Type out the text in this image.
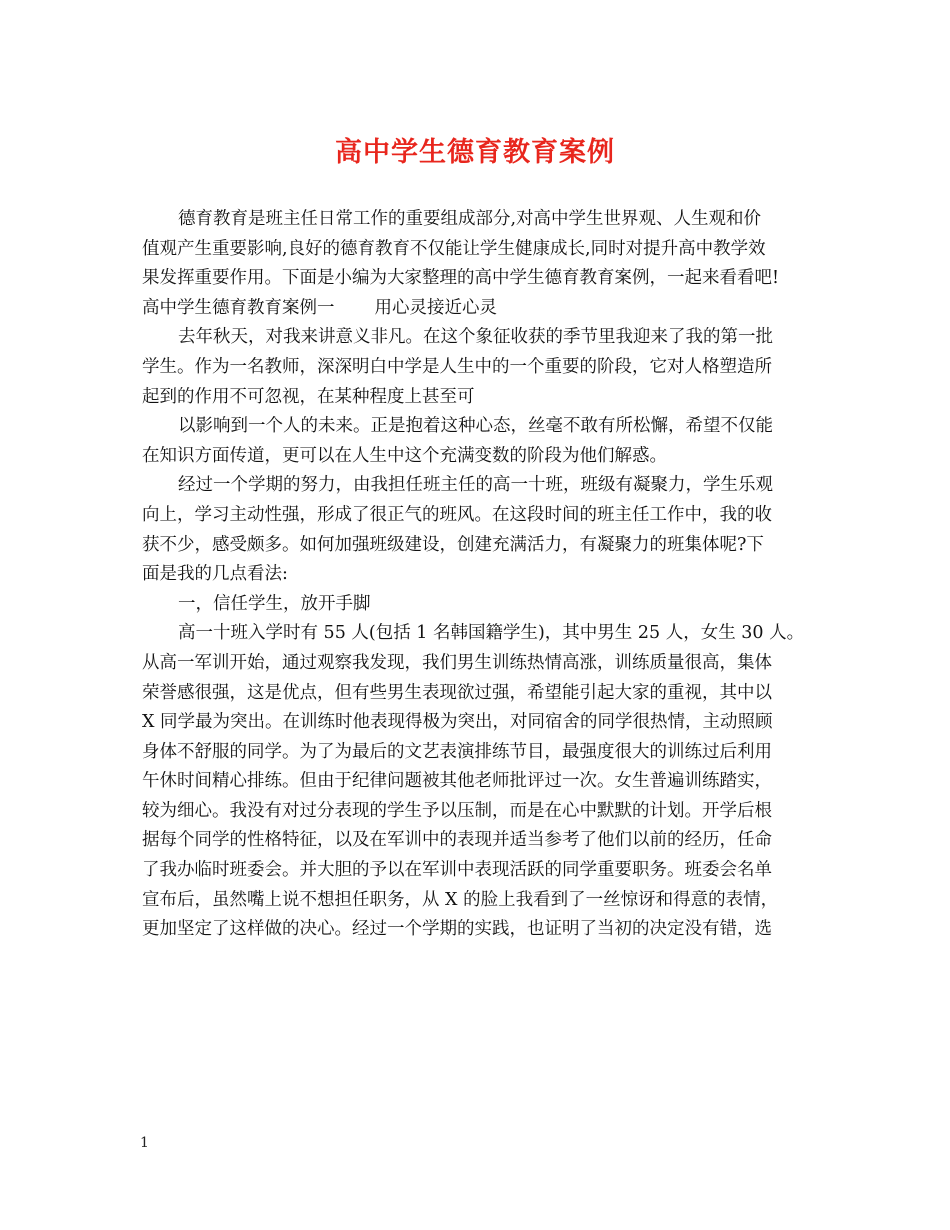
高中学生德育教育案例

德育教育是班主任日常工作的重要组成部分,对高中学生世界观、人生观和价

值观产生重要影响,良好的德育教育不仅能让学生健康成长,同时对提升高中教学效

果发挥重要作用。下面是小编为大家整理的高中学生德育教育案例，一起来看看吧!

高中学生德育教育案例一 用心灵接近心灵

去年秋天，对我来讲意义非凡。在这个象征收获的季节里我迎来了我的第一批

学生。作为一名教师，深深明白中学是人生中的一个重要的阶段，它对人格塑造所

起到的作用不可忽视，在某种程度上甚至可

以影响到一个人的未来。正是抱着这种心态，丝毫不敢有所松懈，希望不仅能

在知识方面传道，更可以在人生中这个充满变数的阶段为他们解惑。

经过一个学期的努力，由我担任班主任的高一十班，班级有凝聚力，学生乐观

向上，学习主动性强，形成了很正气的班风。在这段时间的班主任工作中，我的收

获不少，感受颇多。如何加强班级建设，创建充满活力，有凝聚力的班集体呢?下

面是我的几点看法:

一，信任学生，放开手脚

高一十班入学时有 55 人(包括 1 名韩国籍学生)，其中男生 25 人，女生 30 人。

从高一军训开始，通过观察我发现，我们男生训练热情高涨，训练质量很高，集体

荣誉感很强，这是优点，但有些男生表现欲过强，希望能引起大家的重视，其中以

X 同学最为突出。在训练时他表现得极为突出，对同宿舍的同学很热情，主动照顾

身体不舒服的同学。为了为最后的文艺表演排练节目，最强度很大的训练过后利用

午休时间精心排练。但由于纪律问题被其他老师批评过一次。女生普遍训练踏实，

较为细心。我没有对过分表现的学生予以压制，而是在心中默默的计划。开学后根

据每个同学的性格特征，以及在军训中的表现并适当参考了他们以前的经历，任命

了我办临时班委会。并大胆的予以在军训中表现活跃的同学重要职务。班委会名单

宣布后，虽然嘴上说不想担任职务，从 X 的脸上我看到了一丝惊讶和得意的表情，

更加坚定了这样做的决心。经过一个学期的实践，也证明了当初的决定没有错，选

1
